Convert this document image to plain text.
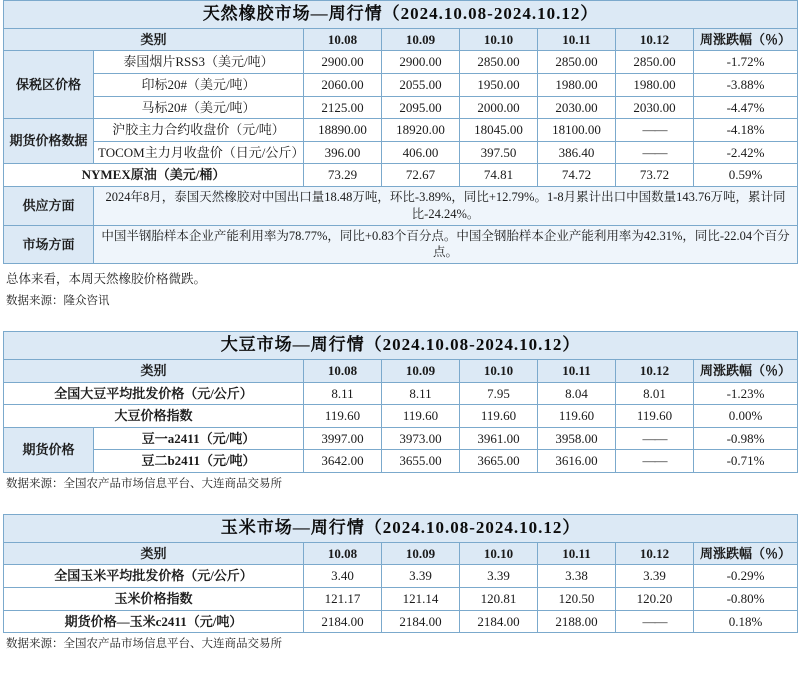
天然橡胶市场—周行情（2024.10.08-2024.10.12）							
类别		10.08	10.09	10.10	10.11	10.12	周涨跌幅（％）
保税区价格	泰国烟片RSS3（美元/吨）	2900.00	2900.00	2850.00	2850.00	2850.00	-1.72%
	印标20#（美元/吨）	2060.00	2055.00	1950.00	1980.00	1980.00	-3.88%
	马标20#（美元/吨）	2125.00	2095.00	2000.00	2030.00	2030.00	-4.47%
期货价格数据	沪胶主力合约收盘价（元/吨）	18890.00	18920.00	18045.00	18100.00	——	-4.18%
	TOCOM主力月收盘价（日元/公斤）	396.00	406.00	397.50	386.40	——	-2.42%
NYMEX原油（美元/桶）		73.29	72.67	74.81	74.72	73.72	0.59%
供应方面	2024年8月，泰国天然橡胶对中国出口量18.48万吨，环比-3.89%，同比+12.79%。1-8月累计出口中国数量143.76万吨，累计同比-24.24%。						
市场方面	中国半钢胎样本企业产能利用率为78.77%，同比+0.83个百分点。中国全钢胎样本企业产能利用率为42.31%，同比-22.04个百分点。						
总体来看，本周天然橡胶价格微跌。
数据来源：隆众咨讯
大豆市场—周行情（2024.10.08-2024.10.12）							
类别		10.08	10.09	10.10	10.11	10.12	周涨跌幅（％）
全国大豆平均批发价格（元/公斤）		8.11	8.11	7.95	8.04	8.01	-1.23%
大豆价格指数		119.60	119.60	119.60	119.60	119.60	0.00%
期货价格	豆一a2411（元/吨）	3997.00	3973.00	3961.00	3958.00	——	-0.98%
	豆二b2411（元/吨）	3642.00	3655.00	3665.00	3616.00	——	-0.71%
数据来源：全国农产品市场信息平台、大连商品交易所
玉米市场—周行情（2024.10.08-2024.10.12）						
类别	10.08	10.09	10.10	10.11	10.12	周涨跌幅（％）
全国玉米平均批发价格（元/公斤）	3.40	3.39	3.39	3.38	3.39	-0.29%
玉米价格指数	121.17	121.14	120.81	120.50	120.20	-0.80%
期货价格—玉米c2411（元/吨）	2184.00	2184.00	2184.00	2188.00	——	0.18%
数据来源：全国农产品市场信息平台、大连商品交易所
